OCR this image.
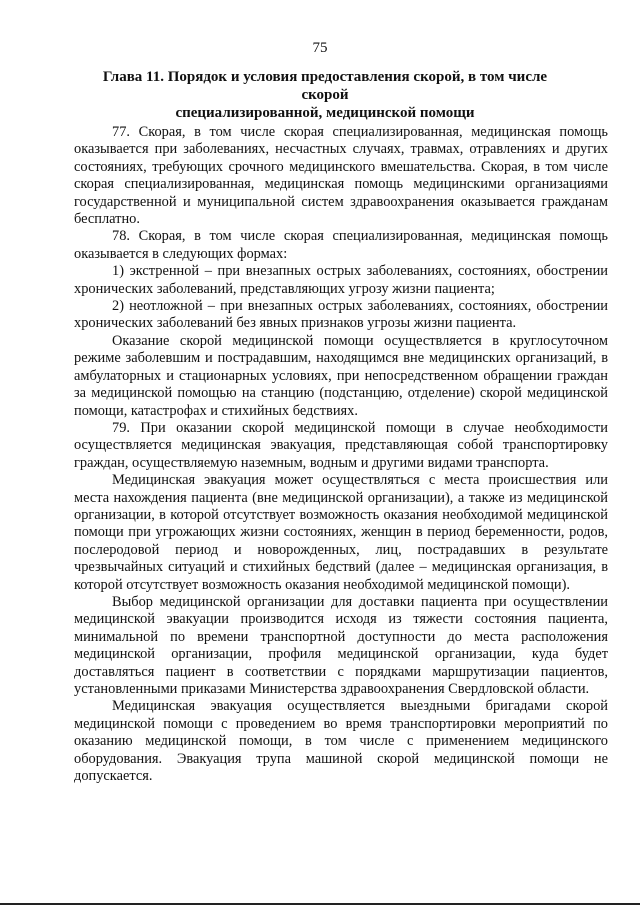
75
Глава 11. Порядок и условия предоставления скорой, в том числе скорой
специализированной, медицинской помощи

77. Скорая, в том числе скорая специализированная, медицинская помощь оказывается при заболеваниях, несчастных случаях, травмах, отравлениях и других состояниях, требующих срочного медицинского вмешательства. Скорая, в том числе скорая специализированная, медицинская помощь медицинскими организациями государственной и муниципальной систем здравоохранения оказывается гражданам бесплатно.

78. Скорая, в том числе скорая специализированная, медицинская помощь оказывается в следующих формах:

1) экстренной – при внезапных острых заболеваниях, состояниях, обострении хронических заболеваний, представляющих угрозу жизни пациента;

2) неотложной – при внезапных острых заболеваниях, состояниях, обострении хронических заболеваний без явных признаков угрозы жизни пациента.

Оказание скорой медицинской помощи осуществляется в круглосуточном режиме заболевшим и пострадавшим, находящимся вне медицинских организаций, в амбулаторных и стационарных условиях, при непосредственном обращении граждан за медицинской помощью на станцию (подстанцию, отделение) скорой медицинской помощи, катастрофах и стихийных бедствиях.

79. При оказании скорой медицинской помощи в случае необходимости осуществляется медицинская эвакуация, представляющая собой транспортировку граждан, осуществляемую наземным, водным и другими видами транспорта.

Медицинская эвакуация может осуществляться с места происшествия или места нахождения пациента (вне медицинской организации), а также из медицинской организации, в которой отсутствует возможность оказания необходимой медицинской помощи при угрожающих жизни состояниях, женщин в период беременности, родов, послеродовой период и новорожденных, лиц, пострадавших в результате чрезвычайных ситуаций и стихийных бедствий (далее – медицинская организация, в которой отсутствует возможность оказания необходимой медицинской помощи).

Выбор медицинской организации для доставки пациента при осуществлении медицинской эвакуации производится исходя из тяжести состояния пациента, минимальной по времени транспортной доступности до места расположения медицинской организации, профиля медицинской организации, куда будет доставляться пациент в соответствии с порядками маршрутизации пациентов, установленными приказами Министерства здравоохранения Свердловской области.

Медицинская эвакуация осуществляется выездными бригадами скорой медицинской помощи с проведением во время транспортировки мероприятий по оказанию медицинской помощи, в том числе с применением медицинского оборудования. Эвакуация трупа машиной скорой медицинской помощи не допускается.
